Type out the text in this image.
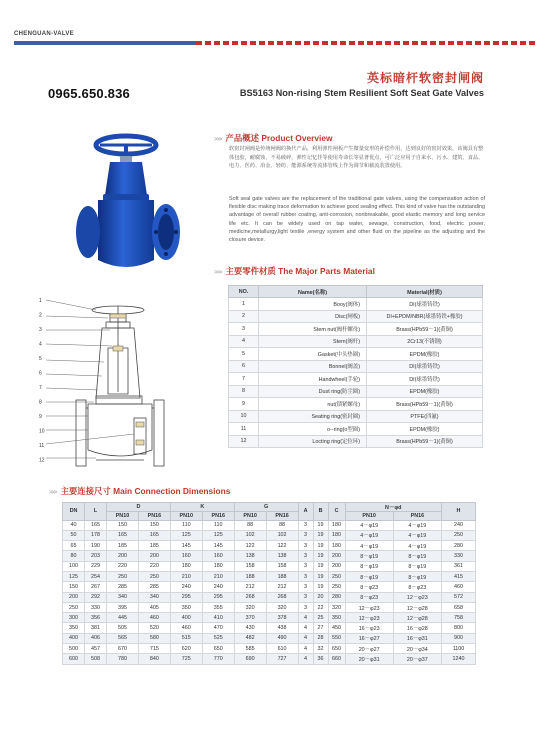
CHENGUAN-VALVE
英标暗杆软密封闸阀
BS5163 Non-rising Stem Resilient Soft Seat Gate Valves
0965.650.836
>>> 产品概述 Product Overview

软密封闸阀是传统闸阀的换代产品，利用弹性闸板产生微量变形的补偿作用，达到良好的密封效果，该阀具有整体包胶，耐腐蚀，不易破碎，弹性记忆佳等使用寿命长等显著优点，可广泛应用于自来水、污水、建筑、食品、电力、医药、冶金、轻纺、能源系统等流体管线上作为调节和截流装置使用。

Soft seal gate valves are the replacement of the traditional gate valves, using the compensation action of flexible disc making trace deformation to achieve good sealing effect. This kind of valve has the outstanding advantage of overall rubber coating, anti-corrosion, nonbreakable, good elastic memory and long service life etc. It can be widely used on tap water, sewage, construction, food, electric power, medicine,metallurgy,light textile ,energy system and other fluid on the pipeline as the adjusting and the closure device.

>>> 主要零件材质 The Major Parts Material
NO.	Name(名称)	Material(材质)
1	Booy(阀体)	DI(球墨铸铁)
2	Disc(闸板)	DI+EPDM/NBR(球墨铸铁+橡胶)
3	Stem nut(阀杆螺母)	Brass(HPb59－1)(黄铜)
4	Stem(阀杆)	2Cr13(不锈钢)
5	Gasket(中头垫圈)	EPDM(橡胶)
6	Bonnel(阀盖)	DI(球墨铸铁)
7	Handwheel(手轮)	DI(球墨铸铁)
8	Dust ring(防尘圈)	EPDM(橡胶)
9	nut(锁紧螺母)	Brass(HPb59－1)(黄铜)
10	Seating ring(密封圈)	PTFE(四氟)
11	o--ring(o型圈)	EPDM(橡胶)
12	Locting ring(定位环)	Brass(HPb59－1)(黄铜)
1
2
3
4
5
6
7
8
9
10
11
12
>>> 主要连接尺寸 Main Connection Dimensions
DN	L	D		K		G		A	B	C	N－φd		H
		PN10	PN16	PN10	PN16	PN10	PN16				PN10	PN16	
40	165	150	150	110	110	88	88	3	19	180	4－φ19	4－φ19	240
50	178	165	165	125	125	102	102	3	19	180	4－φ19	4－φ19	250
65	190	185	185	145	145	122	122	3	19	180	4－φ19	4－φ19	280
80	203	200	200	160	160	138	138	3	19	200	8－φ19	8－φ19	330
100	229	220	220	180	180	158	158	3	19	200	8－φ19	8－φ19	361
125	254	250	250	210	210	188	188	3	19	250	8－φ19	8－φ19	415
150	267	285	285	240	240	212	212	3	19	250	8－φ23	8－φ23	460
200	292	340	340	295	295	268	268	3	20	280	8－φ23	12－φ23	572
250	330	395	405	350	355	320	320	3	22	320	12－φ23	12－φ28	658
300	356	445	460	400	410	370	378	4	25	350	12－φ23	12－φ28	758
350	381	505	520	460	470	430	438	4	27	450	16－φ23	16－φ28	800
400	406	565	580	515	525	482	490	4	28	550	16－φ27	16－φ31	900
500	457	670	715	620	650	585	610	4	32	650	20－φ27	20－φ34	1100
600	508	780	840	725	770	690	727	4	36	660	20－φ31	20－φ37	1240
